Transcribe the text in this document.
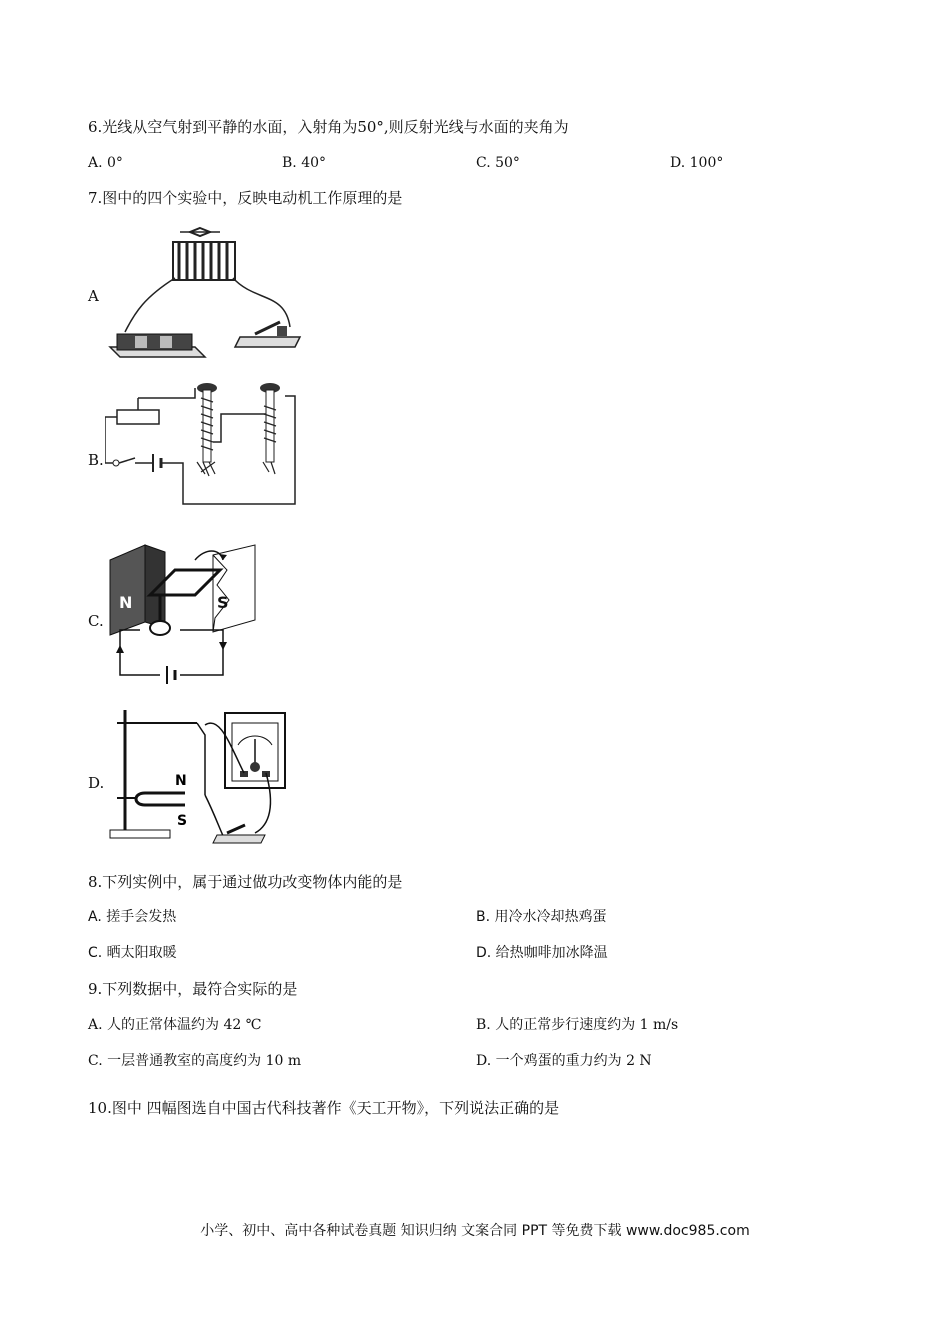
6.光线从空气射到平静的水面，入射角为50°,则反射光线与水面的夹角为
A. 0°	B. 40°	C. 50°	D. 100°
7.图中的四个实验中，反映电动机工作原理的是
A
B.
C.
N	S
D.	N
S
8.下列实例中，属于通过做功改变物体内能的是
A. 搓手会发热	B. 用冷水冷却热鸡蛋
C. 晒太阳取暖	D. 给热咖啡加冰降温
9.下列数据中，最符合实际的是
A. 人的正常体温约为 42 ℃	B. 人的正常步行速度约为 1 m/s
C. 一层普通教室的高度约为 10 m	D. 一个鸡蛋的重力约为 2 N
10.图中 四幅图选自中国古代科技著作《天工开物》，下列说法正确的是
小学、初中、高中各种试卷真题 知识归纳 文案合同 PPT 等免费下载 www.doc985.com
